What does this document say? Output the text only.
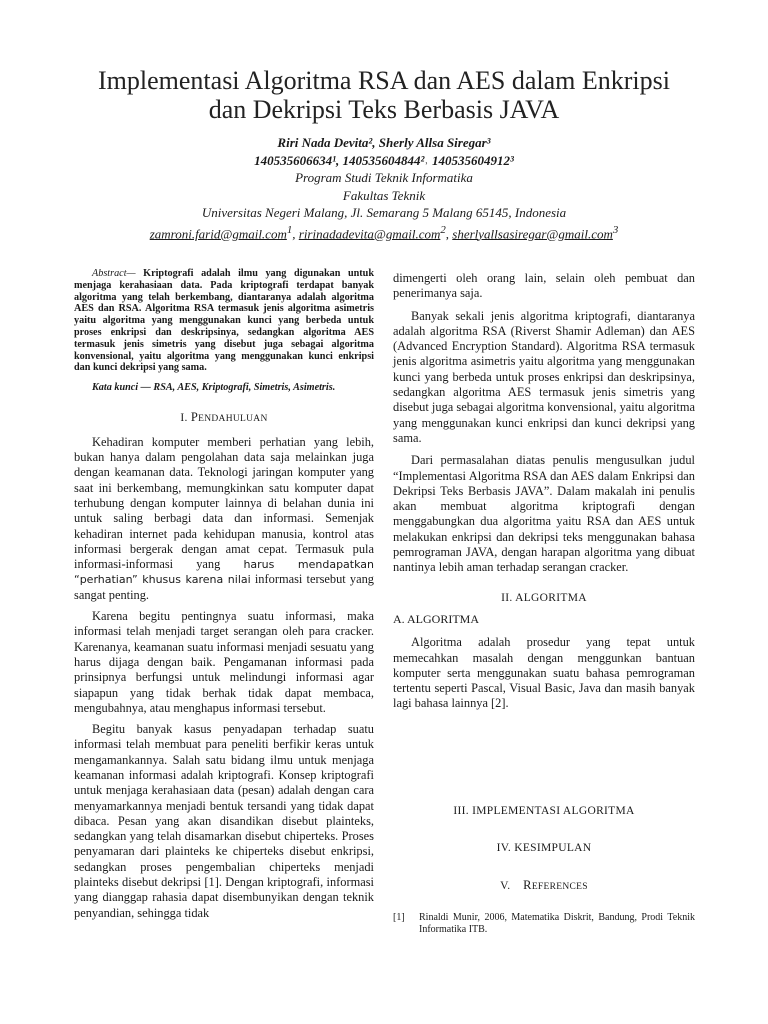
Implementasi Algoritma RSA dan AES dalam Enkripsi
dan Dekripsi Teks Berbasis JAVA
Riri Nada Devita², Sherly Allsa Siregar³
140535606634¹, 140535604844²˒ 140535604912³
Program Studi Teknik Informatika
Fakultas Teknik
Universitas Negeri Malang, Jl. Semarang 5 Malang 65145, Indonesia
zamroni.farid@gmail.com$^1$, ririnadadevita@gmail.com$^2$, sherlyallsasiregar@gmail.com$^3$

Abstract— Kriptografi adalah ilmu yang digunakan untuk menjaga kerahasiaan data. Pada kriptografi terdapat banyak algoritma yang telah berkembang, diantaranya adalah algoritma AES dan RSA. Algoritma RSA termasuk jenis algoritma asimetris yaitu algoritma yang menggunakan kunci yang berbeda untuk proses enkripsi dan deskripsinya, sedangkan algoritma AES termasuk jenis simetris yang disebut juga sebagai algoritma konvensional, yaitu algoritma yang menggunakan kunci enkripsi dan kunci dekripsi yang sama.

Kata kunci — RSA, AES, Kriptografi, Simetris, Asimetris.

I. PENDAHULUAN

Kehadiran komputer memberi perhatian yang lebih, bukan hanya dalam pengolahan data saja melainkan juga dengan keamanan data. Teknologi jaringan komputer yang saat ini berkembang, memungkinkan satu komputer dapat terhubung dengan komputer lainnya di belahan dunia ini untuk saling berbagi data dan informasi. Semenjak kehadiran internet pada kehidupan manusia, kontrol atas informasi bergerak dengan amat cepat. Termasuk pula informasi-informasi yang harus mendapatkan “perhatian” khusus karena nilai informasi tersebut yang sangat penting.

Karena begitu pentingnya suatu informasi, maka informasi telah menjadi target serangan oleh para cracker. Karenanya, keamanan suatu informasi menjadi sesuatu yang harus dijaga dengan baik. Pengamanan informasi pada prinsipnya berfungsi untuk melindungi informasi agar siapapun yang tidak berhak tidak dapat membaca, mengubahnya, atau menghapus informasi tersebut.

Begitu banyak kasus penyadapan terhadap suatu informasi telah membuat para peneliti berfikir keras untuk mengamankannya. Salah satu bidang ilmu untuk menjaga keamanan informasi adalah kriptografi. Konsep kriptografi untuk menjaga kerahasiaan data (pesan) adalah dengan cara menyamarkannya menjadi bentuk tersandi yang tidak dapat dibaca. Pesan yang akan disandikan disebut plainteks, sedangkan yang telah disamarkan disebut chiperteks. Proses penyamaran dari plainteks ke chiperteks disebut enkripsi, sedangkan proses pengembalian chiperteks menjadi plainteks disebut dekripsi [1]. Dengan kriptografi, informasi yang dianggap rahasia dapat disembunyikan dengan teknik penyandian, sehingga tidak

dimengerti oleh orang lain, selain oleh pembuat dan penerimanya saja.

Banyak sekali jenis algoritma kriptografi, diantaranya adalah algoritma RSA (Riverst Shamir Adleman) dan AES (Advanced Encryption Standard). Algoritma RSA termasuk jenis algoritma asimetris yaitu algoritma yang menggunakan kunci yang berbeda untuk proses enkripsi dan deskripsinya, sedangkan algoritma AES termasuk jenis simetris yang disebut juga sebagai algoritma konvensional, yaitu algoritma yang menggunakan kunci enkripsi dan kunci dekripsi yang sama.

Dari permasalahan diatas penulis mengusulkan judul “Implementasi Algoritma RSA dan AES dalam Enkripsi dan Dekripsi Teks Berbasis JAVA”. Dalam makalah ini penulis akan membuat algoritma kriptografi dengan menggabungkan dua algoritma yaitu RSA dan AES untuk melakukan enkripsi dan dekripsi teks menggunakan bahasa pemrograman JAVA, dengan harapan algoritma yang dibuat nantinya lebih aman terhadap serangan cracker.

II. ALGORITMA

A. ALGORITMA

Algoritma adalah prosedur yang tepat untuk memecahkan masalah dengan menggunkan bantuan komputer serta menggunakan suatu bahasa pemrograman tertentu seperti Pascal, Visual Basic, Java dan masih banyak lagi bahasa lainnya [2].

III. IMPLEMENTASI ALGORITMA

IV. KESIMPULAN

V. REFERENCES

[1]	Rinaldi Munir, 2006, Matematika Diskrit, Bandung, Prodi Teknik Informatika ITB.
